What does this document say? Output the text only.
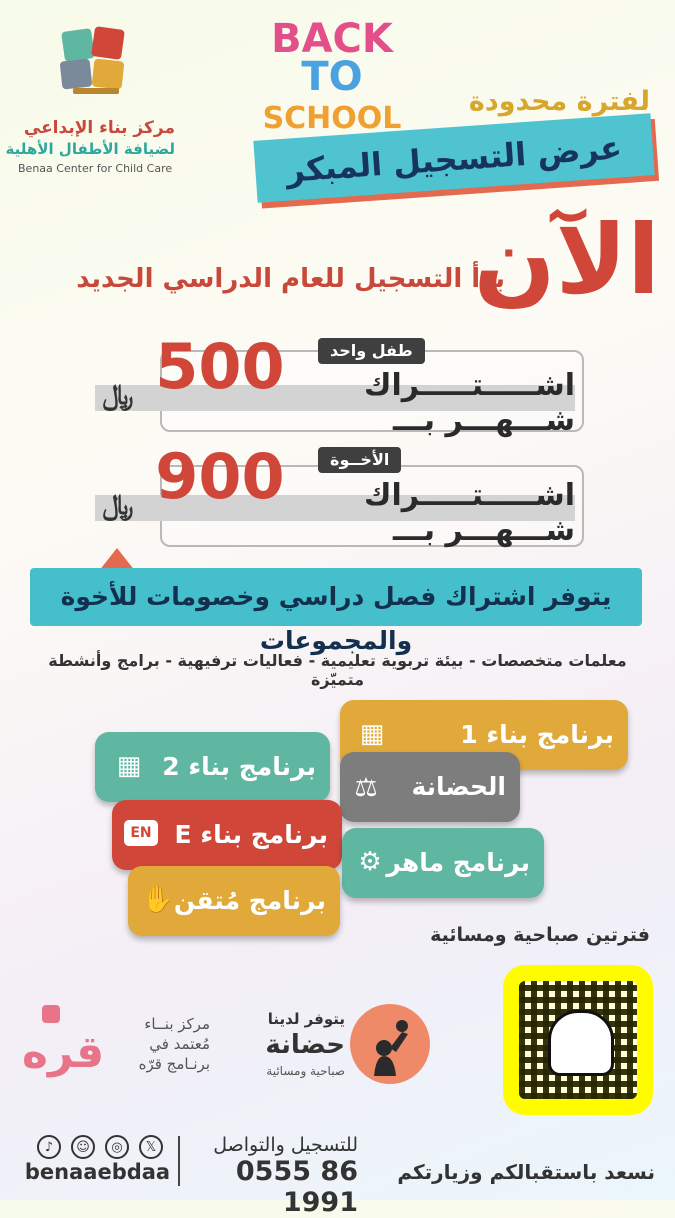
مركز بناء الإبداعي
لضيافة الأطفال الأهلية
Benaa Center for Child Care
BACK
TO
SCHOOL	لفترة محدودة
عرض التسجيل المبكر
الآن
بدأ التسجيل للعام الدراسي الجديد
طفل واحد
اشـــــتـــــراك شـــهـــر بـــ
500
﷼
الأخــوة
اشـــــتـــــراك شـــهـــر بـــ
900
﷼
يتوفر اشتراك فصل دراسي وخصومات للأخوة والمجموعات
معلمات متخصصات - بيئة تربوية تعليمية - فعاليات ترفيهية - برامج وأنشطة متميّزة
▦	برنامج بناء 1
▦ برنامج بناء 2
⚖	الحضانة
EN برنامج بناء E
⚙ برنامج ماهر
✋ برنامج مُتقن
فترتين صباحية ومسائية
يتوفر لدينا
حضانة
صباحية ومسائية
قره
مركز بنــاء
مُعتمد في
برنـامج قرّه
𝕏
◎
☺
♪
benaaebdaa
للتسجيل والتواصل
0555 86 1991
نسعد باستقبالكم وزيارتكم
